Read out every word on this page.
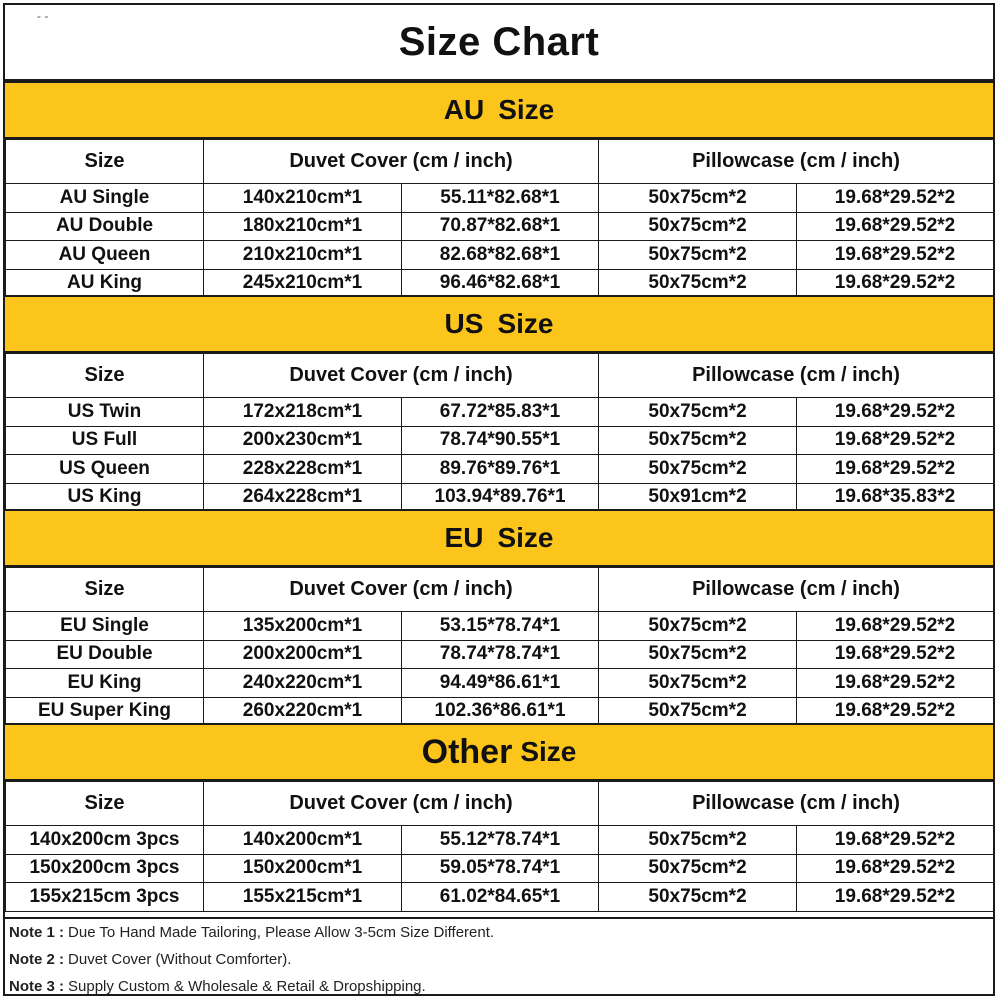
- -
Size Chart
AU Size
Size	Duvet Cover (cm / inch)		Pillowcase (cm / inch)	
AU Single	140x210cm*1	55.11*82.68*1	50x75cm*2	19.68*29.52*2
AU Double	180x210cm*1	70.87*82.68*1	50x75cm*2	19.68*29.52*2
AU Queen	210x210cm*1	82.68*82.68*1	50x75cm*2	19.68*29.52*2
AU King	245x210cm*1	96.46*82.68*1	50x75cm*2	19.68*29.52*2
US Size
Size	Duvet Cover (cm / inch)		Pillowcase (cm / inch)	
US Twin	172x218cm*1	67.72*85.83*1	50x75cm*2	19.68*29.52*2
US Full	200x230cm*1	78.74*90.55*1	50x75cm*2	19.68*29.52*2
US Queen	228x228cm*1	89.76*89.76*1	50x75cm*2	19.68*29.52*2
US King	264x228cm*1	103.94*89.76*1	50x91cm*2	19.68*35.83*2
EU Size
Size	Duvet Cover (cm / inch)		Pillowcase (cm / inch)	
EU Single	135x200cm*1	53.15*78.74*1	50x75cm*2	19.68*29.52*2
EU Double	200x200cm*1	78.74*78.74*1	50x75cm*2	19.68*29.52*2
EU King	240x220cm*1	94.49*86.61*1	50x75cm*2	19.68*29.52*2
EU Super King	260x220cm*1	102.36*86.61*1	50x75cm*2	19.68*29.52*2
Other Size
Size	Duvet Cover (cm / inch)		Pillowcase (cm / inch)	
140x200cm 3pcs	140x200cm*1	55.12*78.74*1	50x75cm*2	19.68*29.52*2
150x200cm 3pcs	150x200cm*1	59.05*78.74*1	50x75cm*2	19.68*29.52*2
155x215cm 3pcs	155x215cm*1	61.02*84.65*1	50x75cm*2	19.68*29.52*2
Note 1 : Due To Hand Made Tailoring, Please Allow 3-5cm Size Different.
Note 2 : Duvet Cover (Without Comforter).
Note 3 : Supply Custom & Wholesale & Retail & Dropshipping.
